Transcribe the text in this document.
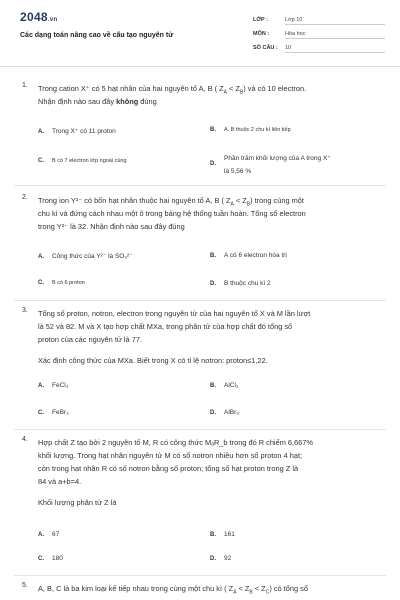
2048.vn
Các dạng toán nâng cao về cấu tạo nguyên tử
LỚP :	Lớp 10
MÔN :	Hóa học
SỐ CÂU : 10
1. Trong cation X⁺ có 5 hạt nhân của hai nguyên tố A, B ( $Z_A < Z_B$) và có 10 electron.
Nhận định nào sau đây không đúng
A. Trong X⁺ có 11 proton	B. A, B thuộc 2 chu kì liên tiếp
C. B có 7 electron lớp ngoài cùng	D.Phần trăm khối lượng của A trong X⁺
là 5,56 %
2. Trong ion Y²⁻ có bốn hạt nhân thuộc hai nguyên tố A, B ( $Z_A < Z_B$) trong cùng một
chu kì và đứng cách nhau một ô trong bảng hệ thống tuần hoàn. Tổng số electron
trong Y²⁻ là 32. Nhận định nào sau đây đúng
A. Công thức của Y²⁻ là SO₃²⁻	B. A có 6 electron hóa trị
C. B có 6 proton	D. B thuộc chu kì 2
3. Tổng số proton, notron, electron trong nguyên tử của hai nguyên tố X và M lần lượt
là 52 và 82. M và X tạo hợp chất MXa, trong phân tử của hợp chất đó tổng số
proton của các nguyên tử là 77.
Xác định công thức của MXa. Biết trong X có tỉ lệ notron: proton≤1,22.
A. FeCl₃	B. AlCl₃
C. FeBr₃	D. AlBr₃
4. Hợp chất Z tạo bởi 2 nguyên tố M, R có công thức MₐR_b trong đó R chiếm 6,667%
khối lượng. Trong hạt nhân nguyên tử M có số notron nhiều hơn số proton 4 hạt;
còn trong hạt nhân R có số notron bằng số proton; tổng số hạt proton trong Z là
84 và a+b=4.
Khối lượng phân tử Z là
A. 67	B. 161
C. 180	D. 92
5. A, B, C là ba kim loại kế tiếp nhau trong cùng một chu kì ( $Z_A < Z_B < Z_C$) có tổng số
